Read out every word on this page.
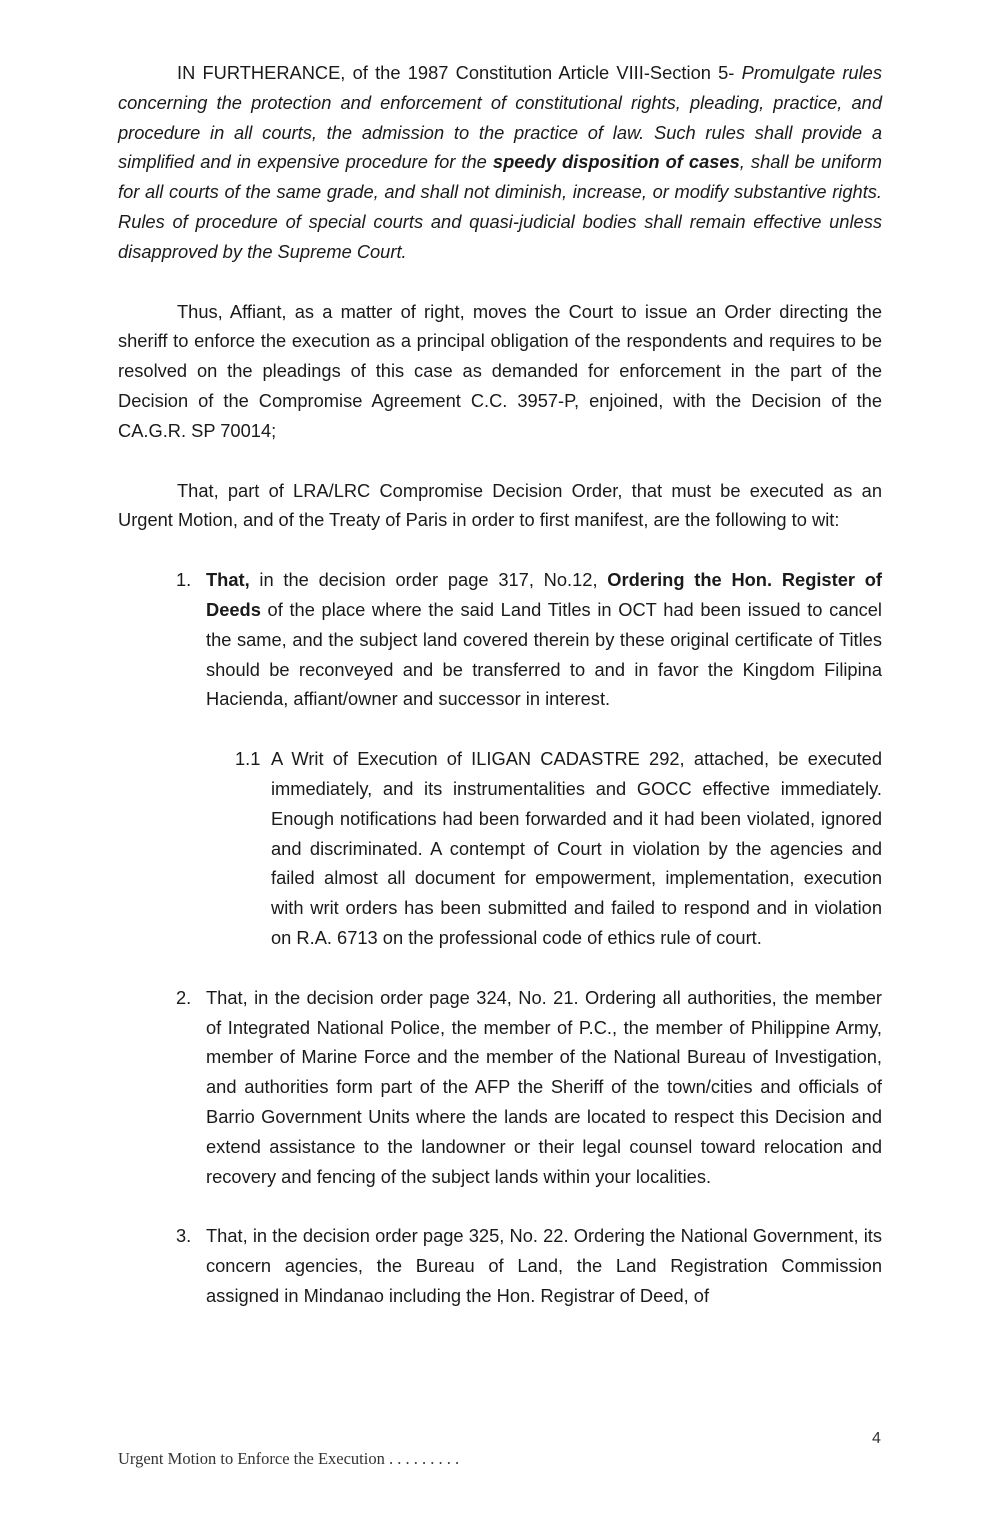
IN FURTHERANCE, of the 1987 Constitution Article VIII-Section 5- Promulgate rules concerning the protection and enforcement of constitutional rights, pleading, practice, and procedure in all courts, the admission to the practice of law. Such rules shall provide a simplified and in expensive procedure for the speedy disposition of cases, shall be uniform for all courts of the same grade, and shall not diminish, increase, or modify substantive rights. Rules of procedure of special courts and quasi-judicial bodies shall remain effective unless disapproved by the Supreme Court.

Thus, Affiant, as a matter of right, moves the Court to issue an Order directing the sheriff to enforce the execution as a principal obligation of the respondents and requires to be resolved on the pleadings of this case as demanded for enforcement in the part of the Decision of the Compromise Agreement C.C. 3957-P, enjoined, with the Decision of the CA.G.R. SP 70014;

That, part of LRA/LRC Compromise Decision Order, that must be executed as an Urgent Motion, and of the Treaty of Paris in order to first manifest, are the following to wit:

1. That, in the decision order page 317, No.12, Ordering the Hon. Register of Deeds of the place where the said Land Titles in OCT had been issued to cancel the same, and the subject land covered therein by these original certificate of Titles should be reconveyed and be transferred to and in favor the Kingdom Filipina Hacienda, affiant/owner and successor in interest.

1.1 A Writ of Execution of ILIGAN CADASTRE 292, attached, be executed immediately, and its instrumentalities and GOCC effective immediately. Enough notifications had been forwarded and it had been violated, ignored and discriminated. A contempt of Court in violation by the agencies and failed almost all document for empowerment, implementation, execution with writ orders has been submitted and failed to respond and in violation on R.A. 6713 on the professional code of ethics rule of court.

2. That, in the decision order page 324, No. 21. Ordering all authorities, the member of Integrated National Police, the member of P.C., the member of Philippine Army, member of Marine Force and the member of the National Bureau of Investigation, and authorities form part of the AFP the Sheriff of the town/cities and officials of Barrio Government Units where the lands are located to respect this Decision and extend assistance to the landowner or their legal counsel toward relocation and recovery and fencing of the subject lands within your localities.

3. That, in the decision order page 325, No. 22. Ordering the National Government, its concern agencies, the Bureau of Land, the Land Registration Commission assigned in Mindanao including the Hon. Registrar of Deed, of

4
Urgent Motion to Enforce the Execution . . . . . . . . .
